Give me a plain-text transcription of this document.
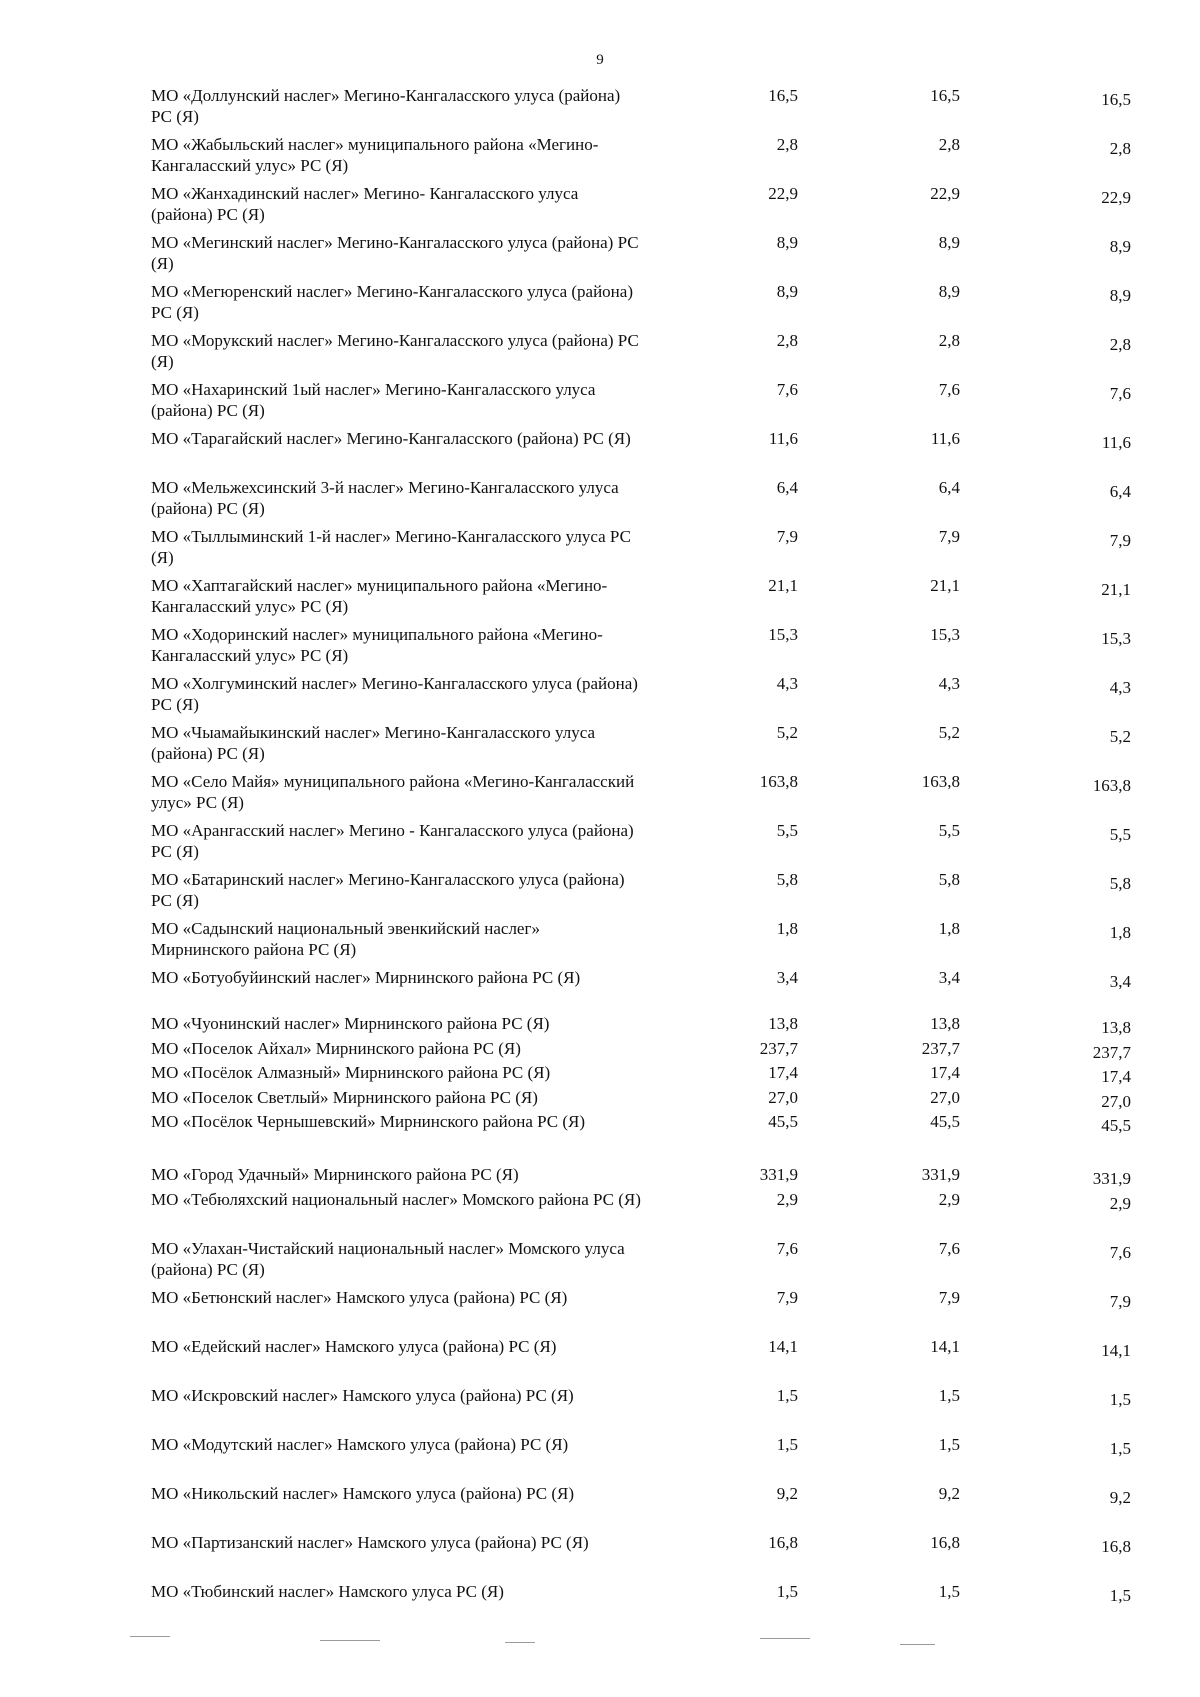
9
МО «Доллунский наслег» Мегино-Кангаласского улуса (района) РС (Я)
16,5	16,5	16,5
МО «Жабыльский наслег» муниципального района «Мегино-Кангаласский улус» РС (Я)
2,8	2,8	2,8
МО «Жанхадинский наслег» Мегино- Кангаласского улуса (района) РС (Я)
22,9	22,9	22,9
МО «Мегинский наслег» Мегино-Кангаласского улуса (района) РС (Я)
8,9	8,9	8,9
МО «Мегюренский наслег» Мегино-Кангаласского улуса (района) РС (Я)
8,9	8,9	8,9
МО «Морукский наслег» Мегино-Кангаласского улуса (района) РС (Я)
2,8	2,8	2,8
МО «Нахаринский 1ый наслег» Мегино-Кангаласского улуса (района) РС (Я)
7,6	7,6	7,6
МО «Тарагайский наслег» Мегино-Кангаласского (района) РС (Я)	11,6	11,6	11,6
МО «Мельжехсинский 3-й наслег» Мегино-Кангаласского улуса (района) РС (Я)
6,4	6,4	6,4
МО «Тыллыминский 1-й наслег» Мегино-Кангаласского улуса РС (Я)
7,9	7,9	7,9
МО «Хаптагайский наслег» муниципального района «Мегино-Кангаласский улус» РС (Я)
21,1	21,1	21,1
МО «Ходоринский наслег» муниципального района «Мегино-Кангаласский улус» РС (Я)
15,3	15,3	15,3
МО «Холгуминский наслег» Мегино-Кангаласского улуса (района) РС (Я)
4,3	4,3	4,3
МО «Чыамайыкинский наслег» Мегино-Кангаласского улуса (района) РС (Я)
5,2	5,2	5,2
МО «Село Майя» муниципального района «Мегино-Кангаласский улус» РС (Я)
163,8	163,8	163,8
МО «Арангасский наслег» Мегино - Кангаласского улуса (района) РС (Я)
5,5	5,5	5,5
МО «Батаринский наслег» Мегино-Кангаласского улуса (района) РС (Я)
5,8	5,8	5,8
МО «Садынский национальный эвенкийский наслег» Мирнинского района РС (Я)
1,8	1,8	1,8
МО «Ботуобуйинский наслег» Мирнинского района РС (Я)	3,4	3,4	3,4
МО «Чуонинский наслег» Мирнинского района РС (Я)	13,8	13,8	13,8
МО «Поселок Айхал» Мирнинского района РС (Я)	237,7	237,7	237,7
МО «Посёлок Алмазный» Мирнинского района РС (Я)	17,4	17,4	17,4
МО «Поселок Светлый» Мирнинского района РС (Я)	27,0	27,0	27,0
МО «Посёлок Чернышевский» Мирнинского района РС (Я)	45,5	45,5	45,5
МО «Город Удачный» Мирнинского района РС (Я)	331,9	331,9	331,9
МО «Тебюляхский национальный наслег» Момского района РС (Я)	2,9	2,9	2,9
МО «Улахан-Чистайский национальный наслег» Момского улуса (района) РС (Я)
7,6	7,6	7,6
МО «Бетюнский наслег» Намского улуса (района) РС (Я)	7,9	7,9	7,9
МО «Едейский наслег» Намского улуса (района) РС (Я)	14,1	14,1	14,1
МО «Искровский наслег» Намского улуса (района) РС (Я)	1,5	1,5	1,5
МО «Модутский наслег» Намского улуса (района) РС (Я)	1,5	1,5	1,5
МО «Никольский наслег» Намского улуса (района) РС (Я)	9,2	9,2	9,2
МО «Партизанский наслег» Намского улуса (района) РС (Я)	16,8	16,8	16,8
МО «Тюбинский наслег» Намского улуса РС (Я)	1,5	1,5	1,5
